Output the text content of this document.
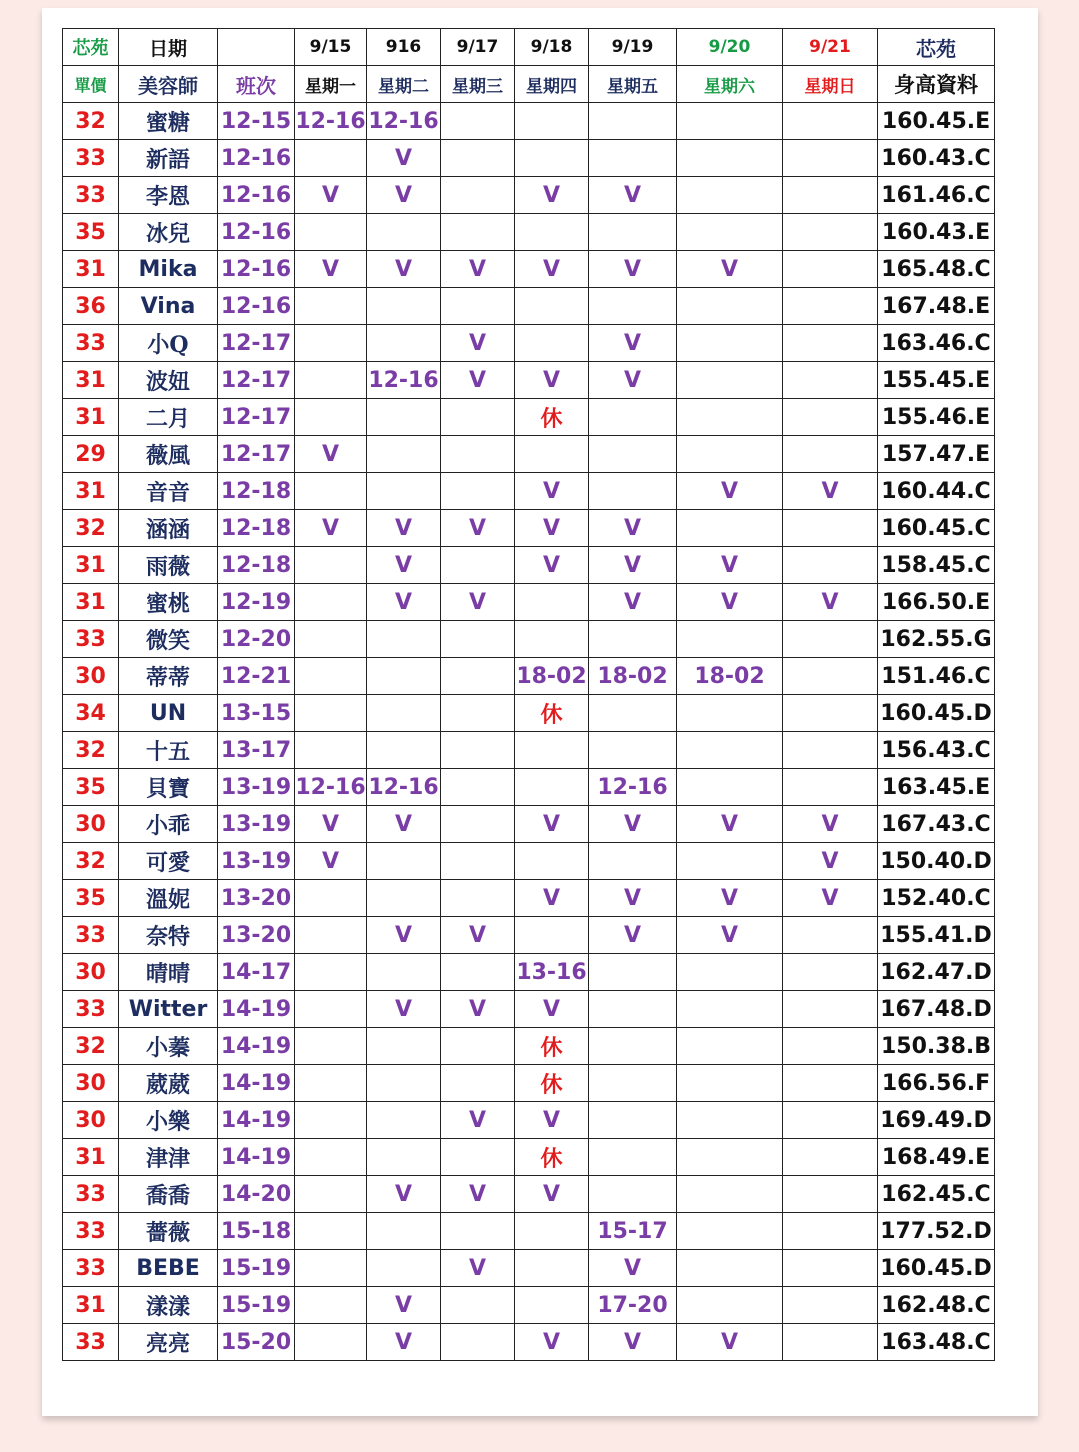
芯苑	日期		9/15	916	9/17	9/18	9/19	9/20	9/21	芯苑
單價	美容師	班次	星期一	星期二	星期三	星期四	星期五	星期六	星期日	身高資料
32	蜜糖	12-15	12-16	12-16						160.45.E
33	新語	12-16		V						160.43.C
33	李恩	12-16	V	V		V	V			161.46.C
35	冰兒	12-16								160.43.E
31	Mika	12-16	V	V	V	V	V	V		165.48.C
36	Vina	12-16								167.48.E
33	小Q	12-17			V		V			163.46.C
31	波妞	12-17		12-16	V	V	V			155.45.E
31	二月	12-17				休				155.46.E
29	薇風	12-17	V							157.47.E
31	音音	12-18				V		V	V	160.44.C
32	涵涵	12-18	V	V	V	V	V			160.45.C
31	雨薇	12-18		V		V	V	V		158.45.C
31	蜜桃	12-19		V	V		V	V	V	166.50.E
33	微笑	12-20								162.55.G
30	蒂蒂	12-21				18-02	18-02	18-02		151.46.C
34	UN	13-15				休				160.45.D
32	十五	13-17								156.43.C
35	貝寶	13-19	12-16	12-16			12-16			163.45.E
30	小乖	13-19	V	V		V	V	V	V	167.43.C
32	可愛	13-19	V						V	150.40.D
35	溫妮	13-20				V	V	V	V	152.40.C
33	奈特	13-20		V	V		V	V		155.41.D
30	晴晴	14-17				13-16				162.47.D
33	Witter	14-19		V	V	V				167.48.D
32	小蓁	14-19				休				150.38.B
30	葳葳	14-19				休				166.56.F
30	小樂	14-19			V	V				169.49.D
31	津津	14-19				休				168.49.E
33	喬喬	14-20		V	V	V				162.45.C
33	薔薇	15-18					15-17			177.52.D
33	BEBE	15-19			V		V			160.45.D
31	漾漾	15-19		V			17-20			162.48.C
33	亮亮	15-20		V		V	V	V		163.48.C
